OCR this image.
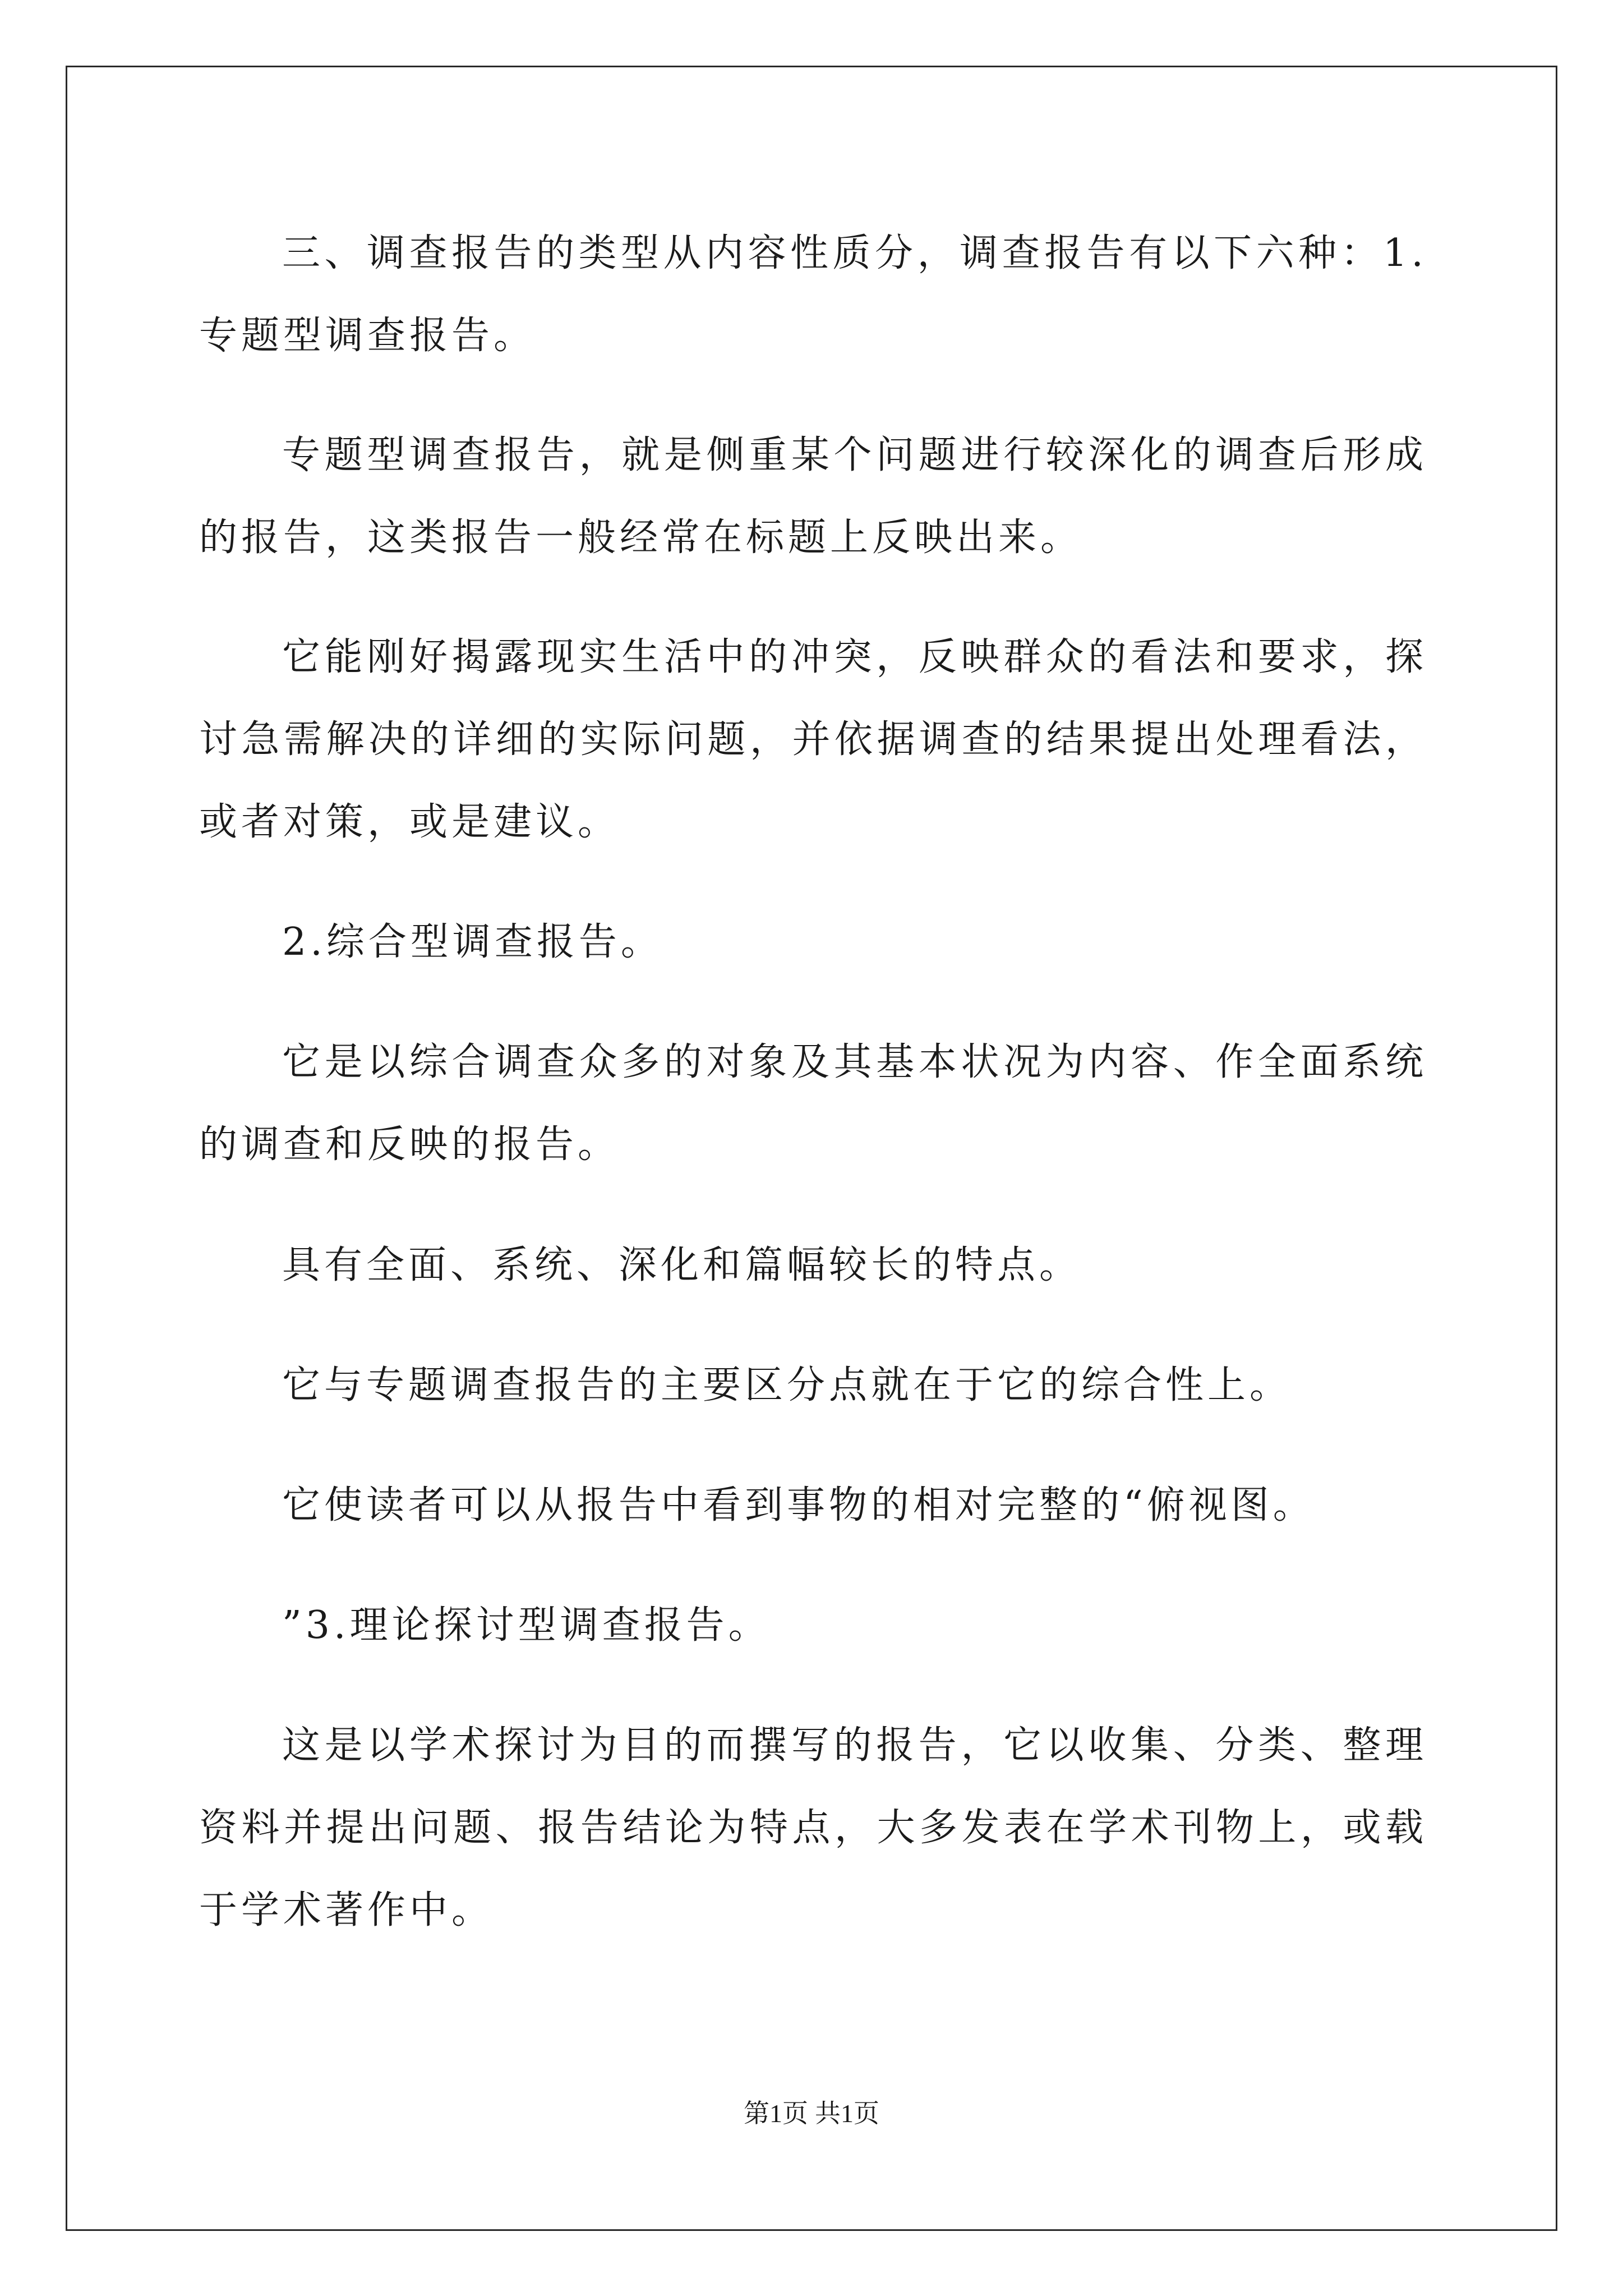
三、调查报告的类型从内容性质分，调查报告有以下六种：1.专题型调查报告。

专题型调查报告，就是侧重某个问题进行较深化的调查后形成的报告，这类报告一般经常在标题上反映出来。

它能刚好揭露现实生活中的冲突，反映群众的看法和要求，探讨急需解决的详细的实际问题，并依据调查的结果提出处理看法，或者对策，或是建议。

2.综合型调查报告。

它是以综合调查众多的对象及其基本状况为内容、作全面系统的调查和反映的报告。

具有全面、系统、深化和篇幅较长的特点。

它与专题调查报告的主要区分点就在于它的综合性上。

它使读者可以从报告中看到事物的相对完整的“俯视图。

”3.理论探讨型调查报告。

这是以学术探讨为目的而撰写的报告，它以收集、分类、整理资料并提出问题、报告结论为特点，大多发表在学术刊物上，或载于学术著作中。

第1页 共1页
